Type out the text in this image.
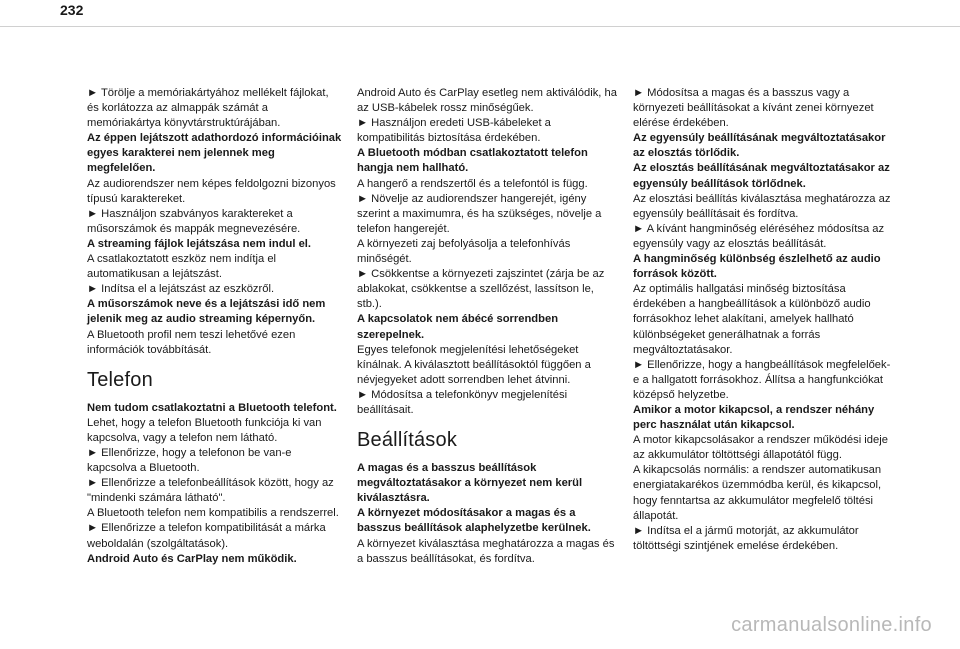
232

► Törölje a memóriakártyához mellékelt fájlokat, és korlátozza az almappák számát a memóriakártya könyvtárstruktúrájában.

Az éppen lejátszott adathordozó információinak egyes karakterei nem jelennek meg megfelelően.

Az audiorendszer nem képes feldolgozni bizonyos típusú karaktereket.

► Használjon szabványos karaktereket a műsorszámok és mappák megnevezésére.

A streaming fájlok lejátszása nem indul el.

A csatlakoztatott eszköz nem indítja el automatikusan a lejátszást.

► Indítsa el a lejátszást az eszközről.

A műsorszámok neve és a lejátszási idő nem jelenik meg az audio streaming képernyőn.

A Bluetooth profil nem teszi lehetővé ezen információk továbbítását.

Telefon

Nem tudom csatlakoztatni a Bluetooth telefont.

Lehet, hogy a telefon Bluetooth funkciója ki van kapcsolva, vagy a telefon nem látható.

► Ellenőrizze, hogy a telefonon be van-e kapcsolva a Bluetooth.

► Ellenőrizze a telefonbeállítások között, hogy az "mindenki számára látható".

A Bluetooth telefon nem kompatibilis a rendszerrel.

► Ellenőrizze a telefon kompatibilitását a márka weboldalán (szolgáltatások).

Android Auto és CarPlay nem működik.

Android Auto és CarPlay esetleg nem aktiválódik, ha az USB-kábelek rossz minőségűek.

► Használjon eredeti USB-kábeleket a kompatibilitás biztosítása érdekében.

A Bluetooth módban csatlakoztatott telefon hangja nem hallható.

A hangerő a rendszertől és a telefontól is függ.

► Növelje az audiorendszer hangerejét, igény szerint a maximumra, és ha szükséges, növelje a telefon hangerejét.

A környezeti zaj befolyásolja a telefonhívás minőségét.

► Csökkentse a környezeti zajszintet (zárja be az ablakokat, csökkentse a szellőzést, lassítson le, stb.).

A kapcsolatok nem ábécé sorrendben szerepelnek.

Egyes telefonok megjelenítési lehetőségeket kínálnak. A kiválasztott beállításoktól függően a névjegyeket adott sorrendben lehet átvinni.

► Módosítsa a telefonkönyv megjelenítési beállításait.

Beállítások

A magas és a basszus beállítások megváltoztatásakor a környezet nem kerül kiválasztásra.

A környezet módosításakor a magas és a basszus beállítások alaphelyzetbe kerülnek.

A környezet kiválasztása meghatározza a magas és a basszus beállításokat, és fordítva.

► Módosítsa a magas és a basszus vagy a környezeti beállításokat a kívánt zenei környezet elérése érdekében.

Az egyensúly beállításának megváltoztatásakor az elosztás törlődik.

Az elosztás beállításának megváltoztatásakor az egyensúly beállítások törlődnek.

Az elosztási beállítás kiválasztása meghatározza az egyensúly beállításait és fordítva.

► A kívánt hangminőség eléréséhez módosítsa az egyensúly vagy az elosztás beállítását.

A hangminőség különbség észlelhető az audio források között.

Az optimális hallgatási minőség biztosítása érdekében a hangbeállítások a különböző audio forrásokhoz lehet alakítani, amelyek hallható különbségeket generálhatnak a forrás megváltoztatásakor.

► Ellenőrizze, hogy a hangbeállítások megfelelőek-e a hallgatott forrásokhoz. Állítsa a hangfunkciókat középső helyzetbe.

Amikor a motor kikapcsol, a rendszer néhány perc használat után kikapcsol.

A motor kikapcsolásakor a rendszer működési ideje az akkumulátor töltöttségi állapotától függ.

A kikapcsolás normális: a rendszer automatikusan energiatakarékos üzemmódba kerül, és kikapcsol, hogy fenntartsa az akkumulátor megfelelő töltési állapotát.

► Indítsa el a jármű motorját, az akkumulátor töltöttségi szintjének emelése érdekében.

carmanualsonline.info
